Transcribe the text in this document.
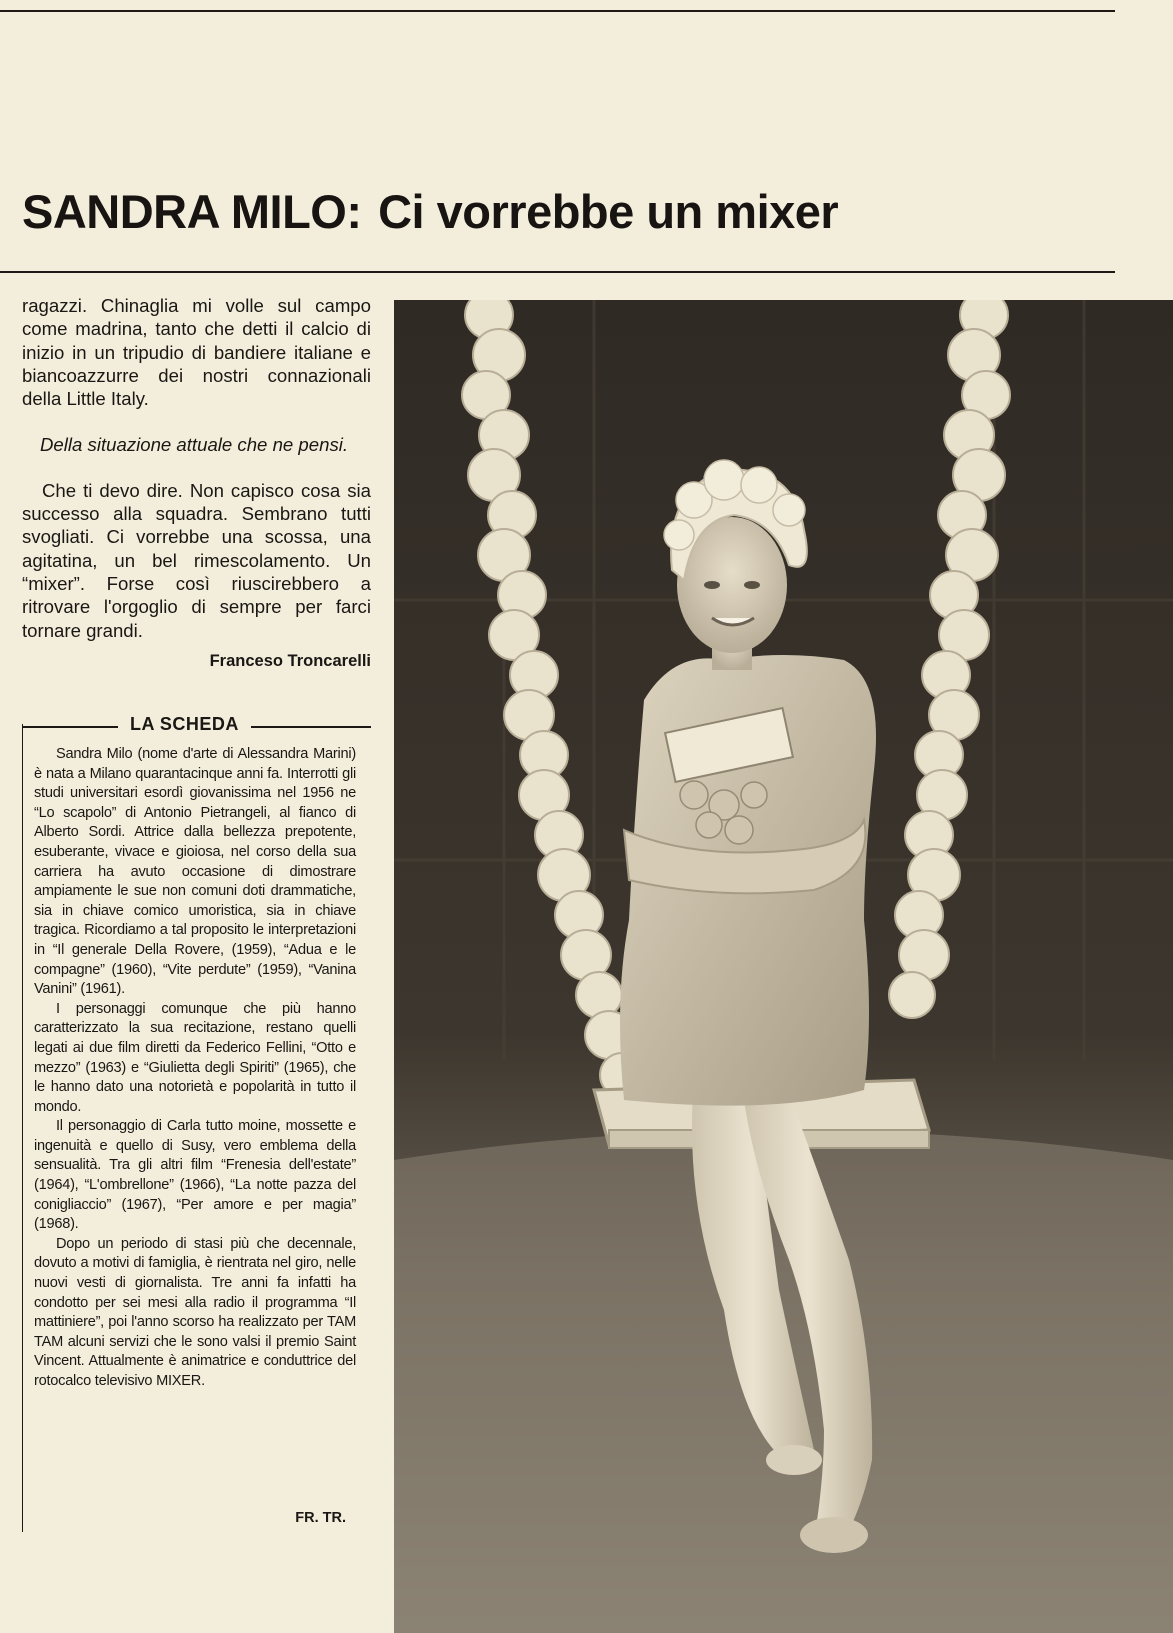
SANDRA MILO: Ci vorrebbe un mixer

ragazzi. Chinaglia mi volle sul campo come madrina, tanto che detti il calcio di inizio in un tripudio di bandiere italiane e biancoazzurre dei nostri connazionali della Little Italy.

Della situazione attuale che ne pensi.

Che ti devo dire. Non capisco cosa sia successo alla squadra. Sembrano tutti svogliati. Ci vorrebbe una scossa, una agitatina, un bel rimescolamento. Un “mixer”. Forse così riuscirebbero a ritrovare l'orgoglio di sempre per farci tornare grandi.

Franceso Troncarelli
LA SCHEDA

Sandra Milo (nome d'arte di Alessandra Marini) è nata a Milano quarantacinque anni fa. Interrotti gli studi universitari esordì giovanissima nel 1956 ne “Lo scapolo” di Antonio Pietrangeli, al fianco di Alberto Sordi. Attrice dalla bellezza prepotente, esuberante, vivace e gioiosa, nel corso della sua carriera ha avuto occasione di dimostrare ampiamente le sue non comuni doti drammatiche, sia in chiave comico umoristica, sia in chiave tragica. Ricordiamo a tal proposito le interpretazioni in “Il generale Della Rovere, (1959), “Adua e le compagne” (1960), “Vite perdute” (1959), “Vanina Vanini” (1961).

I personaggi comunque che più hanno caratterizzato la sua recitazione, restano quelli legati ai due film diretti da Federico Fellini, “Otto e mezzo” (1963) e “Giulietta degli Spiriti” (1965), che le hanno dato una notorietà e popolarità in tutto il mondo.

Il personaggio di Carla tutto moine, mossette e ingenuità e quello di Susy, vero emblema della sensualità. Tra gli altri film “Frenesia dell'estate” (1964), “L'ombrellone” (1966), “La notte pazza del conigliaccio” (1967), “Per amore e per magia” (1968).

Dopo un periodo di stasi più che decennale, dovuto a motivi di famiglia, è rientrata nel giro, nelle nuovi vesti di giornalista. Tre anni fa infatti ha condotto per sei mesi alla radio il programma “Il mattiniere”, poi l'anno scorso ha realizzato per TAM TAM alcuni servizi che le sono valsi il premio Saint Vincent. Attualmente è animatrice e conduttrice del rotocalco televisivo MIXER.

FR. TR.
